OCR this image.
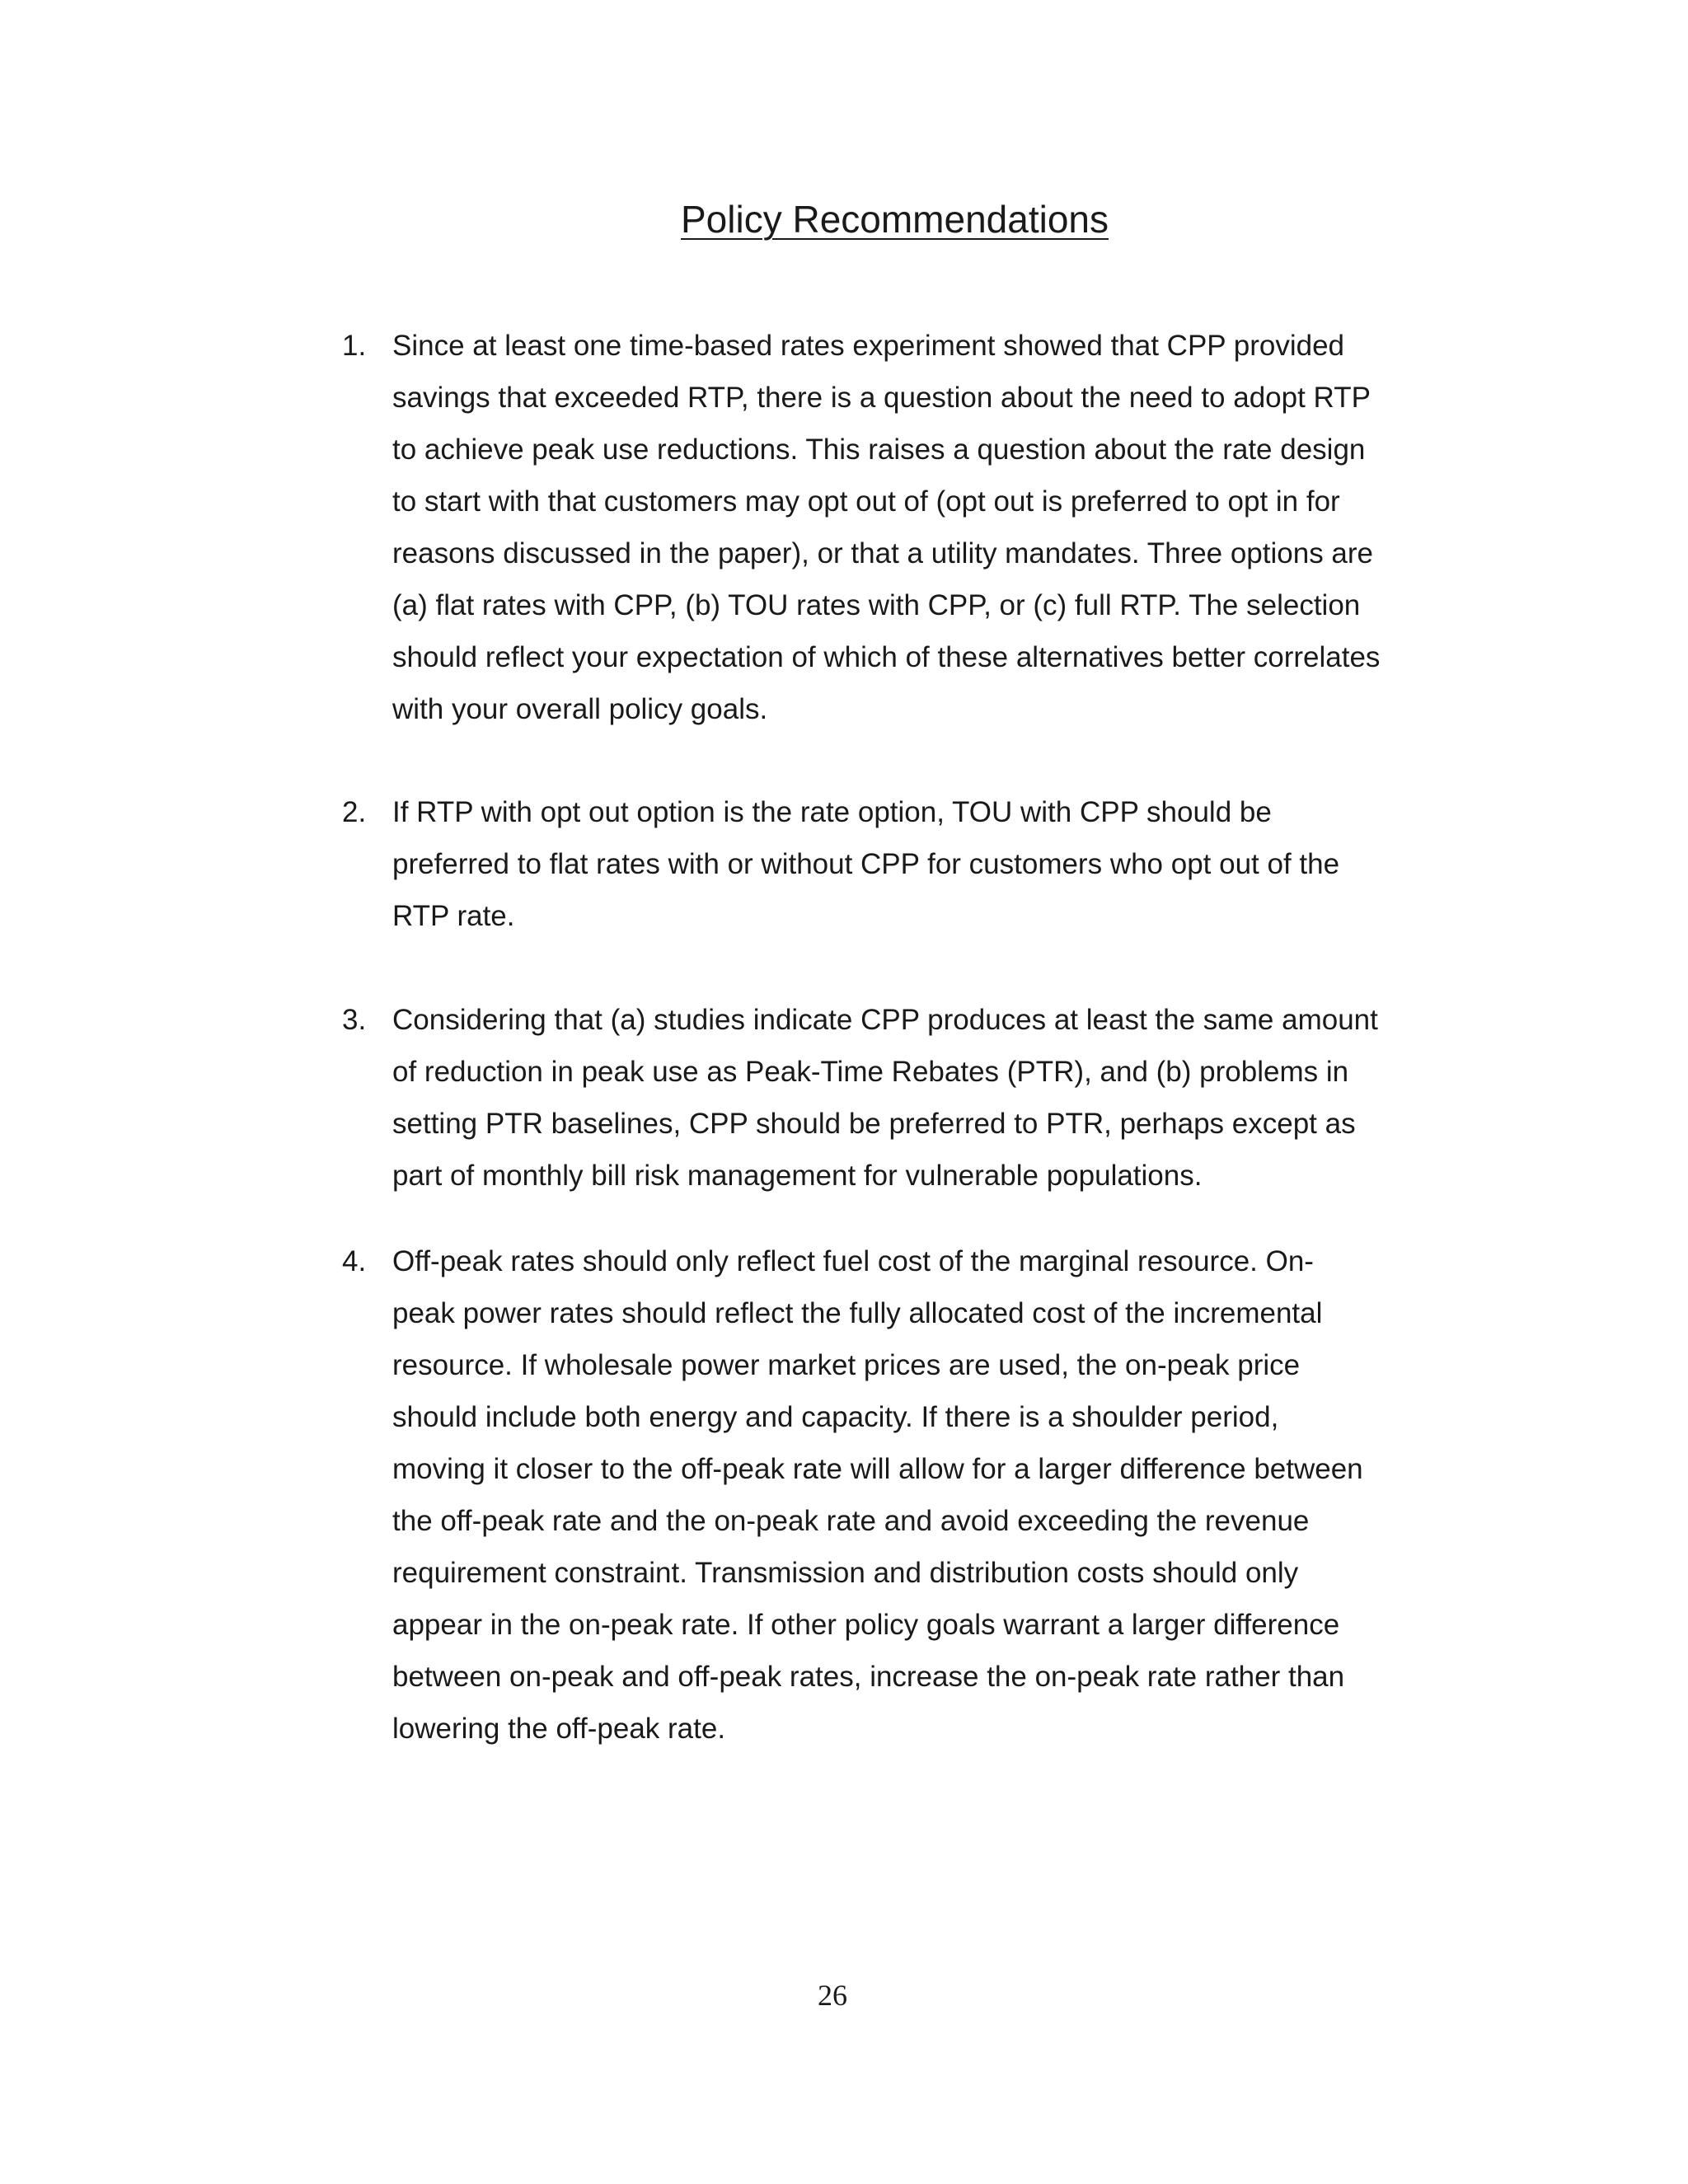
Policy Recommendations
1. Since at least one time-based rates experiment showed that CPP provided
savings that exceeded RTP, there is a question about the need to adopt RTP
to achieve peak use reductions. This raises a question about the rate design
to start with that customers may opt out of (opt out is preferred to opt in for
reasons discussed in the paper), or that a utility mandates. Three options are
(a) flat rates with CPP, (b) TOU rates with CPP, or (c) full RTP. The selection
should reflect your expectation of which of these alternatives better correlates
with your overall policy goals.
2. If RTP with opt out option is the rate option, TOU with CPP should be
preferred to flat rates with or without CPP for customers who opt out of the
RTP rate.
3. Considering that (a) studies indicate CPP produces at least the same amount
of reduction in peak use as Peak-Time Rebates (PTR), and (b) problems in
setting PTR baselines, CPP should be preferred to PTR, perhaps except as
part of monthly bill risk management for vulnerable populations.
4. Off-peak rates should only reflect fuel cost of the marginal resource. On-
peak power rates should reflect the fully allocated cost of the incremental
resource. If wholesale power market prices are used, the on-peak price
should include both energy and capacity. If there is a shoulder period,
moving it closer to the off-peak rate will allow for a larger difference between
the off-peak rate and the on-peak rate and avoid exceeding the revenue
requirement constraint. Transmission and distribution costs should only
appear in the on-peak rate. If other policy goals warrant a larger difference
between on-peak and off-peak rates, increase the on-peak rate rather than
lowering the off-peak rate.
26
